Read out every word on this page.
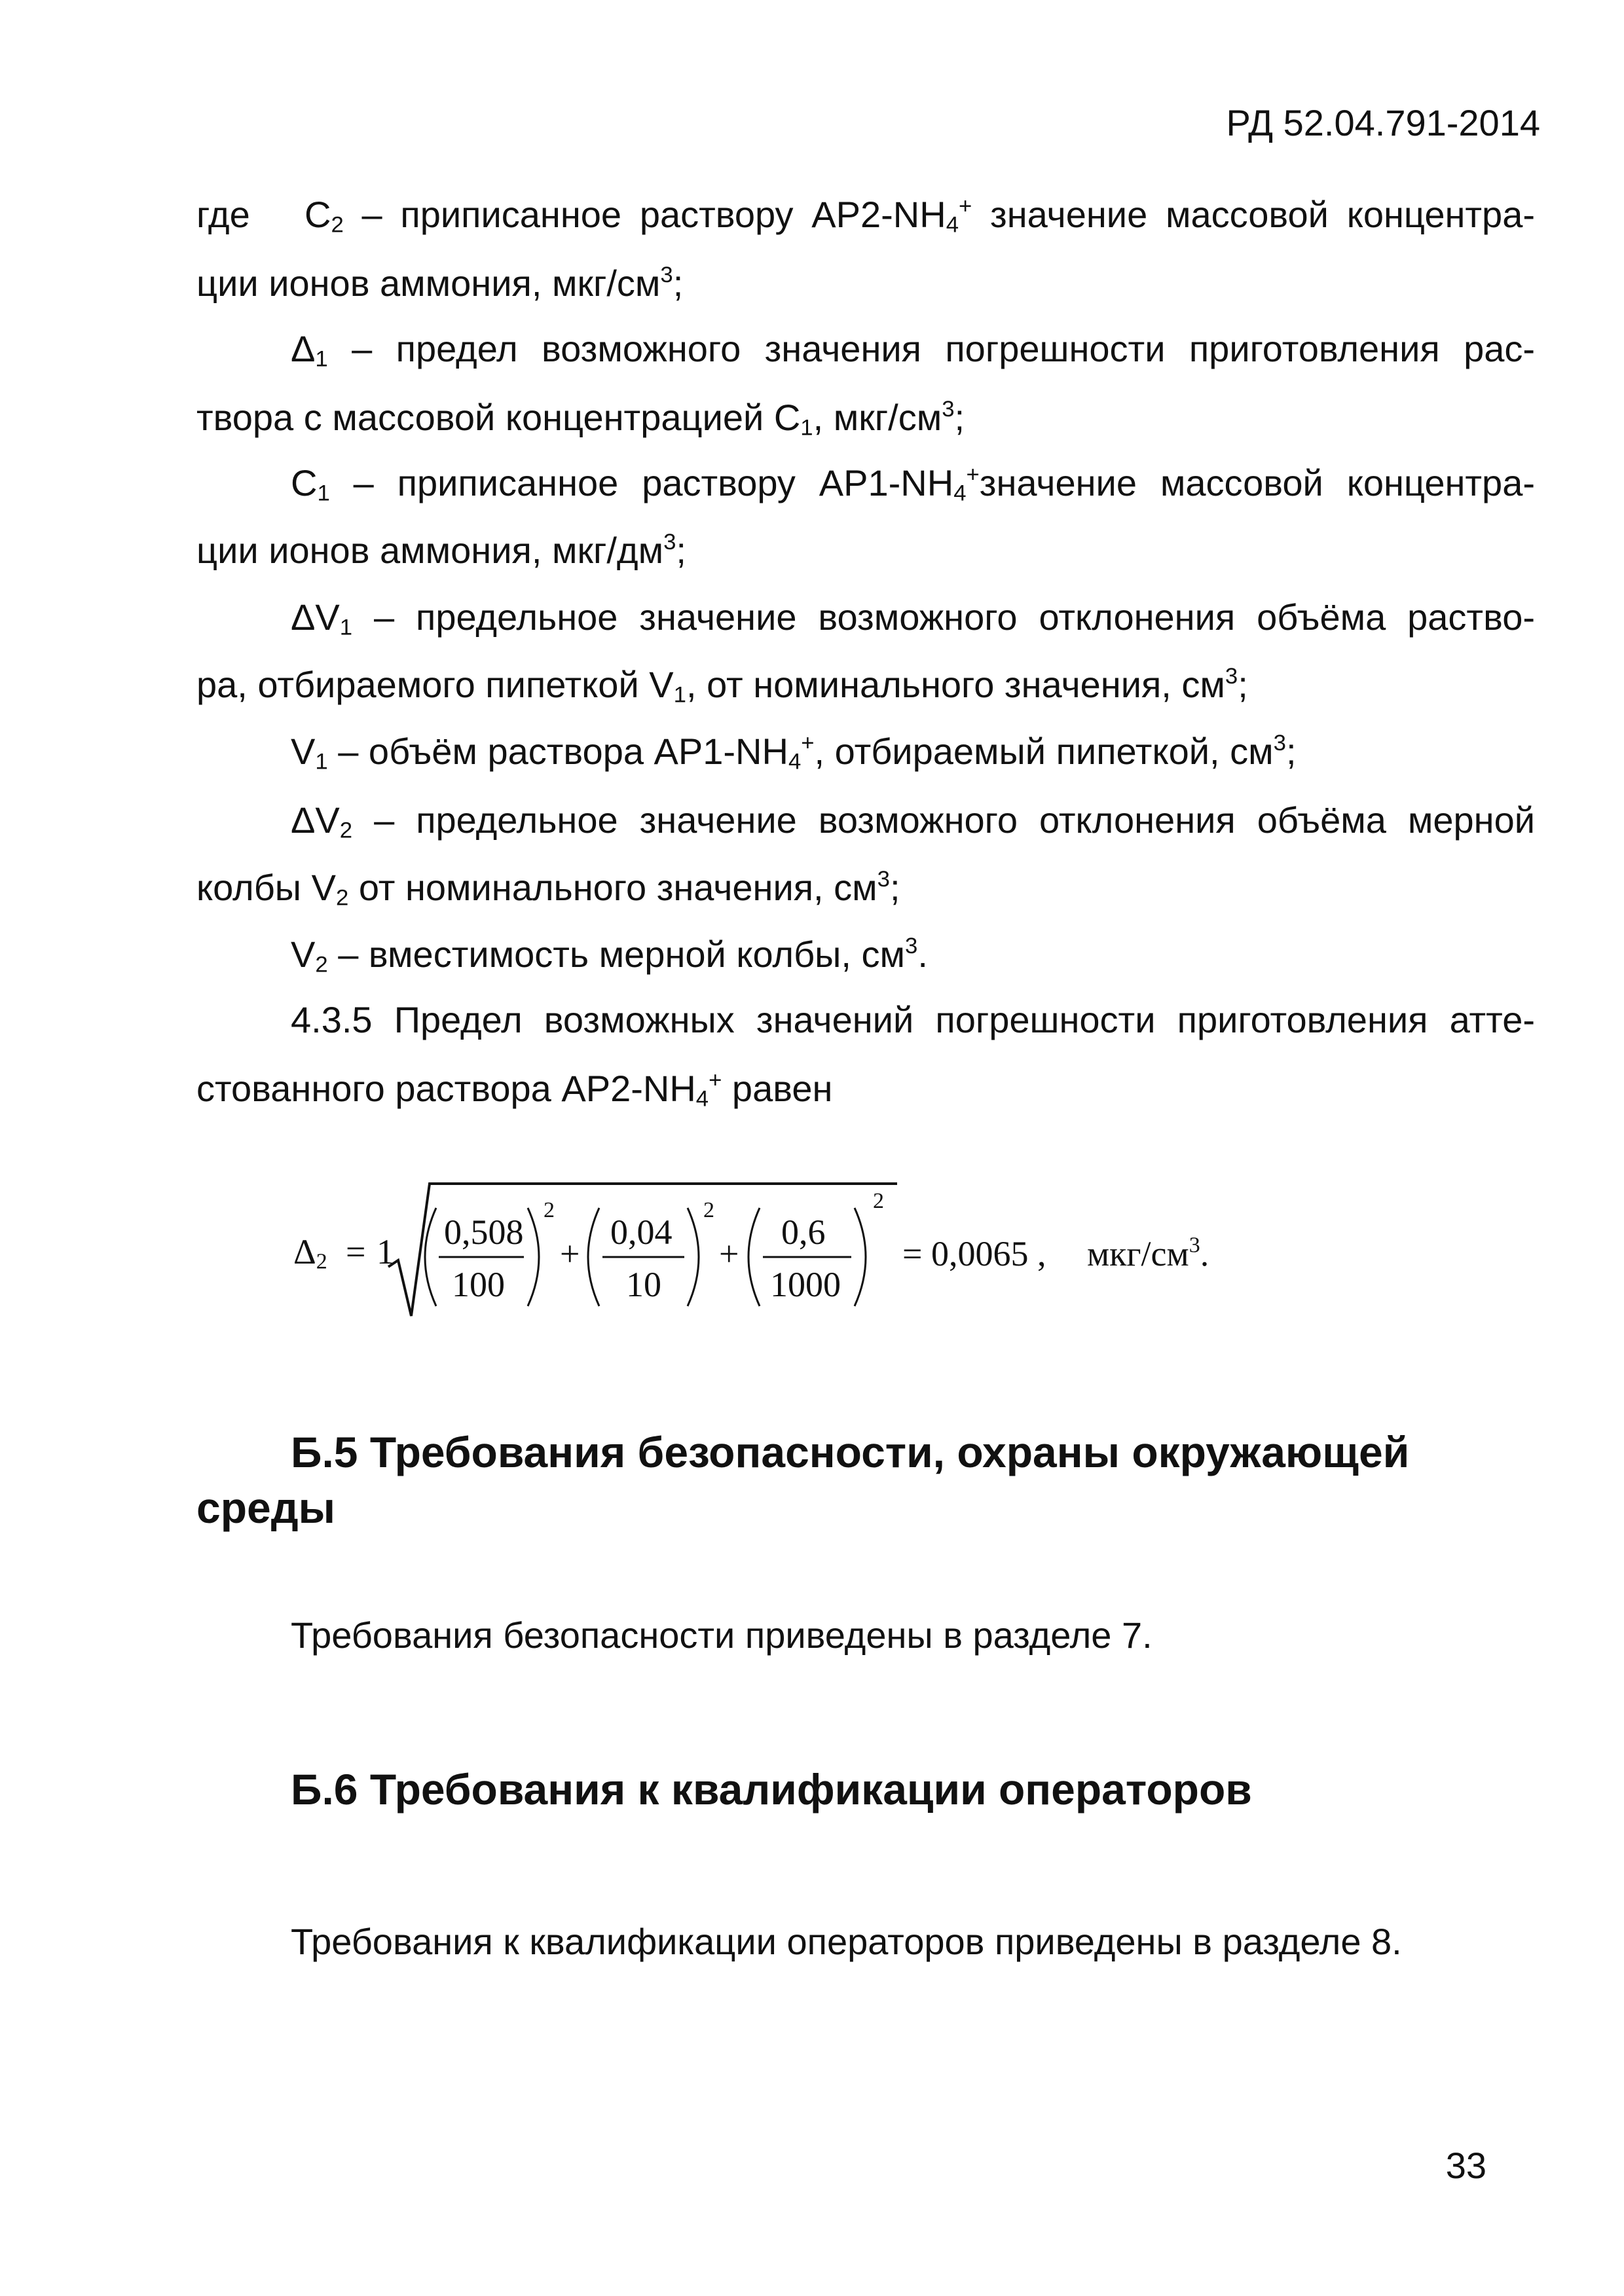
РД 52.04.791-2014
где $C_2$ – приписанное раствору $АР2-NH_4^+$ значение массовой концентра-
ции ионов аммония, мкг/$см^3$;
$\Delta_1$ – предел возможного значения погрешности приготовления рас-
твора с массовой концентрацией $C_1$, мкг/$см^3$;
$C_1$ – приписанное раствору $АР1-NH_4^+значение$ массовой концентра-
ции ионов аммония, мкг/$дм^3$;
$\Delta V_1$ – предельное значение возможного отклонения объёма раство-
ра, отбираемого пипеткой $V_1$, от номинального значения, $см^3$;
$V_1$ – объём раствора $АР1-NH_4^+$, отбираемый пипеткой, $см^3$;
$\Delta V_2$ – предельное значение возможного отклонения объёма мерной
колбы $V_2$ от номинального значения, $см^3$;
$V_2$ – вместимость мерной колбы, $см^3$.
4.3.5 Предел возможных значений погрешности приготовления атте-
стованного раствора $АР2-NH_4^+$ равен
$\Delta_2 = 1$ 0,508
100
2
+
0,04
10
2
+
0,6
1000
2
= 0,0065 , мкг/$см^3$.
Б.5 Требования безопасности, охраны окружающей
среды
Требования безопасности приведены в разделе 7.
Б.6 Требования к квалификации операторов
Требования к квалификации операторов приведены в разделе 8.
33
